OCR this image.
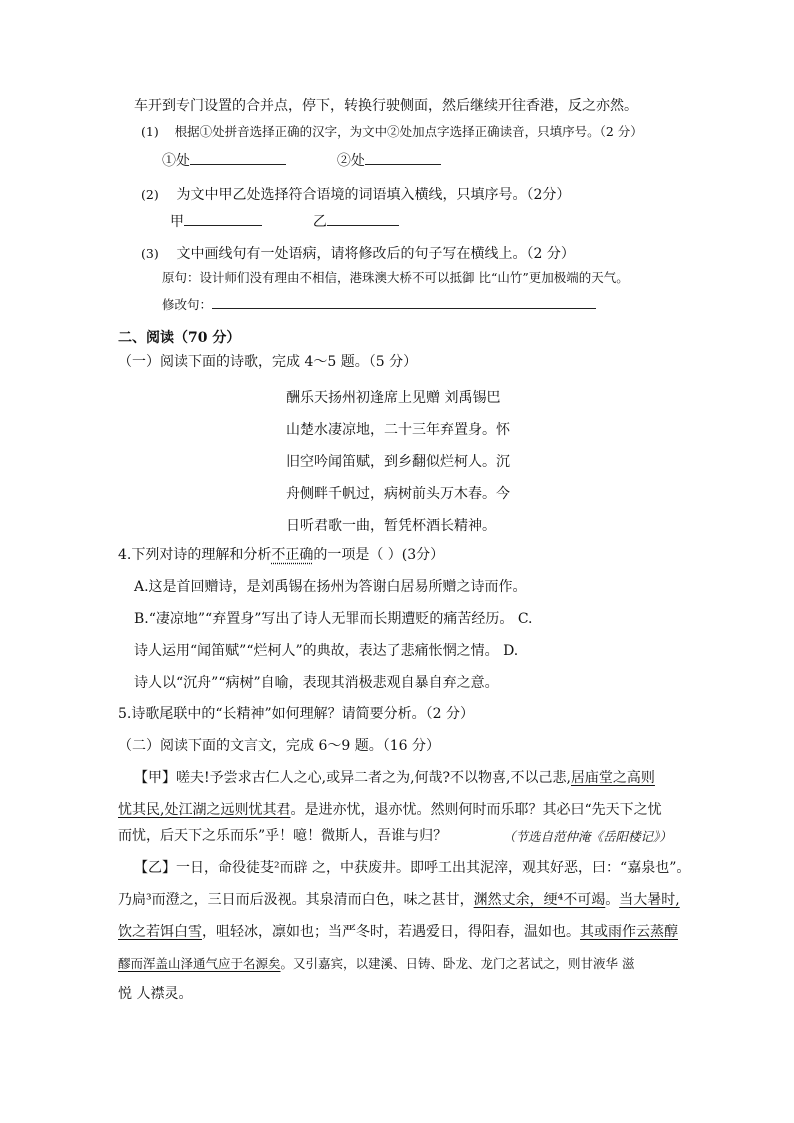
车开到专门设置的合并点，停下，转换行驶侧面，然后继续开往香港，反之亦然。
(1) 根据①处拼音选择正确的汉字，为文中②处加点字选择正确读音，只填序号。（2 分）
①处	②处
(2) 为文中甲乙处选择符合语境的词语填入横线，只填序号。（2分）
甲	乙
(3) 文中画线句有一处语病，请将修改后的句子写在横线上。（2 分）
原句：设计师们没有理由不相信，港珠澳大桥不可以抵御 比“山竹”更加极端的天气。
修改句：
二、阅读（70 分）
（一）阅读下面的诗歌，完成 4～5 题。（5 分）
酬乐天扬州初逢席上见赠 刘禹锡巴
山楚水凄凉地，二十三年弃置身。怀
旧空吟闻笛赋，到乡翻似烂柯人。沉
舟侧畔千帆过，病树前头万木春。今
日听君歌一曲，暂凭杯酒长精神。
4.下列对诗的理解和分析不正确的一项是（ ）(3分）
A.这是首回赠诗，是刘禹锡在扬州为答谢白居易所赠之诗而作。
B.“凄凉地”“弃置身”写出了诗人无罪而长期遭贬的痛苦经历。 C.
诗人运用“闻笛赋”“烂柯人”的典故，表达了悲痛怅惘之情。 D.
诗人以“沉舟”“病树”自喻，表现其消极悲观自暴自弃之意。
5.诗歌尾联中的“长精神”如何理解？请简要分析。（2 分）
（二）阅读下面的文言文，完成 6～9 题。（16 分）
【甲】嗟夫!予尝求古仁人之心,或异二者之为,何哉?不以物喜,不以己悲,居庙堂之高则
忧其民,处江湖之远则忧其君。是进亦忧，退亦忧。然则何时而乐耶？其必曰“先天下之忧
而忧，后天下之乐而乐”乎！噫！微斯人，吾谁与归？	（节选自范仲淹《岳阳楼记》）
【乙】一日，命役徒芟²而辟 之，中获废井。即呼工出其泥滓，观其好恶，曰：“嘉泉也”。
乃扃³而澄之，三日而后汲视。其泉清而白色，味之甚甘，渊然丈余，绠⁴不可竭。当大暑时,
饮之若饵白雪，咀轻冰，凛如也；当严冬时，若遇爱日，得阳春，温如也。其或雨作云蒸醇
醪而浑盖山泽通气应于名源矣。又引嘉宾，以建溪、日铸、卧龙、龙门之茗试之，则甘液华 滋
悦 人襟灵。
